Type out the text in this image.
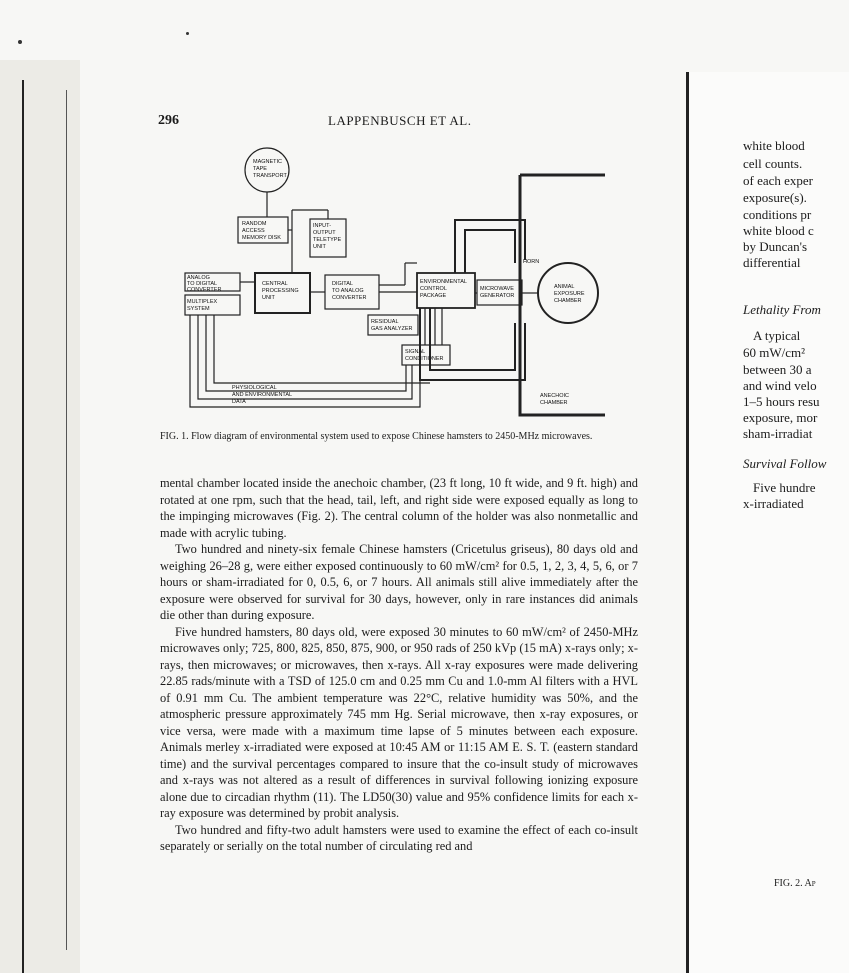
296	LAPPENBUSCH ET AL.
MAGNETIC
TAPE
TRANSPORT
RANDOM
ACCESS
MEMORY DISK
INPUT-
OUTPUT
TELETYPE
UNIT
ANALOG
TO DIGITAL
CONVERTER
MULTIPLEX
SYSTEM
CENTRAL
PROCESSING
UNIT
DIGITAL
TO ANALOG
CONVERTER
ENVIRONMENTAL
CONTROL
PACKAGE
MICROWAVE
GENERATOR
ANIMAL
EXPOSURE
CHAMBER
RESIDUAL
GAS ANALYZER
SIGNAL
CONDITIONER
HORN
PHYSIOLOGICAL
AND ENVIRONMENTAL
DATA
ANECHOIC
CHAMBER
FIG. 1. Flow diagram of environmental system used to expose Chinese hamsters to 2450-MHz microwaves.

mental chamber located inside the anechoic chamber, (23 ft long, 10 ft wide, and 9 ft. high) and rotated at one rpm, such that the head, tail, left, and right side were exposed equally as long to the impinging microwaves (Fig. 2). The central column of the holder was also nonmetallic and made with acrylic tubing.

Two hundred and ninety-six female Chinese hamsters (Cricetulus griseus), 80 days old and weighing 26–28 g, were either exposed continuously to 60 mW/cm² for 0.5, 1, 2, 3, 4, 5, 6, or 7 hours or sham-irradiated for 0, 0.5, 6, or 7 hours. All animals still alive immediately after the exposure were observed for survival for 30 days, however, only in rare instances did animals die other than during exposure.

Five hundred hamsters, 80 days old, were exposed 30 minutes to 60 mW/cm² of 2450-MHz microwaves only; 725, 800, 825, 850, 875, 900, or 950 rads of 250 kVp (15 mA) x-rays only; x-rays, then microwaves; or microwaves, then x-rays. All x-ray exposures were made delivering 22.85 rads/minute with a TSD of 125.0 cm and 0.25 mm Cu and 1.0-mm Al filters with a HVL of 0.91 mm Cu. The ambient temperature was 22°C, relative humidity was 50%, and the atmospheric pressure approximately 745 mm Hg. Serial microwave, then x-ray exposures, or vice versa, were made with a maximum time lapse of 5 minutes between each exposure. Animals merley x-irradiated were exposed at 10:45 AM or 11:15 AM E. S. T. (eastern standard time) and the survival percentages compared to insure that the co-insult study of microwaves and x-rays was not altered as a result of differences in survival following ionizing exposure alone due to circadian rhythm (11). The LD50(30) value and 95% confidence limits for each x-ray exposure was determined by probit analysis.

Two hundred and fifty-two adult hamsters were used to examine the effect of each co-insult separately or serially on the total number of circulating red and

white blood
cell counts.
of each exper
exposure(s).
conditions pr
white blood c
by Duncan's
differential
Lethality From
A typical
60 mW/cm²
between 30 a
and wind velo
1–5 hours resu
exposure, mor
sham-irradiat
Survival Follow
Five hundre
x-irradiated
FIG. 2. Ap
